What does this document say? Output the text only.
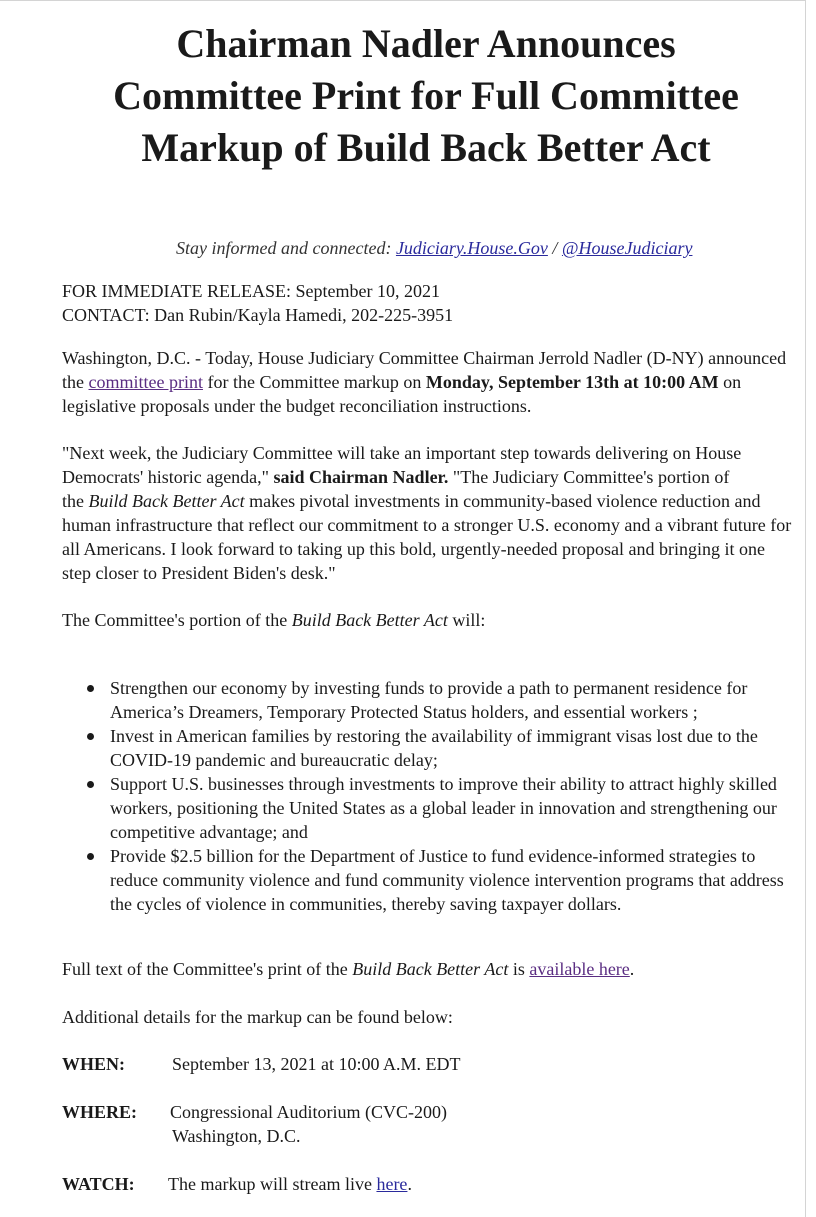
Chairman Nadler Announces
Committee Print for Full Committee
Markup of Build Back Better Act
Stay informed and connected: Judiciary.House.Gov / @HouseJudiciary
FOR IMMEDIATE RELEASE: September 10, 2021
CONTACT: Dan Rubin/Kayla Hamedi, 202-225-3951
Washington, D.C. - Today, House Judiciary Committee Chairman Jerrold Nadler (D-NY) announced
the committee print for the Committee markup on Monday, September 13th at 10:00 AM on
legislative proposals under the budget reconciliation instructions.
"Next week, the Judiciary Committee will take an important step towards delivering on House
Democrats' historic agenda," said Chairman Nadler. "The Judiciary Committee's portion of
the Build Back Better Act makes pivotal investments in community-based violence reduction and
human infrastructure that reflect our commitment to a stronger U.S. economy and a vibrant future for
all Americans. I look forward to taking up this bold, urgently-needed proposal and bringing it one
step closer to President Biden's desk."
The Committee's portion of the Build Back Better Act will:
Strengthen our economy by investing funds to provide a path to permanent residence for
America’s Dreamers, Temporary Protected Status holders, and essential workers ;
Invest in American families by restoring the availability of immigrant visas lost due to the
COVID-19 pandemic and bureaucratic delay;
Support U.S. businesses through investments to improve their ability to attract highly skilled
workers, positioning the United States as a global leader in innovation and strengthening our
competitive advantage; and
Provide $2.5 billion for the Department of Justice to fund evidence-informed strategies to
reduce community violence and fund community violence intervention programs that address
the cycles of violence in communities, thereby saving taxpayer dollars.
Full text of the Committee's print of the Build Back Better Act is available here.
Additional details for the markup can be found below:
WHEN:	September 13, 2021 at 10:00 A.M. EDT
WHERE: Congressional Auditorium (CVC-200)
Washington, D.C.
WATCH: The markup will stream live here.
